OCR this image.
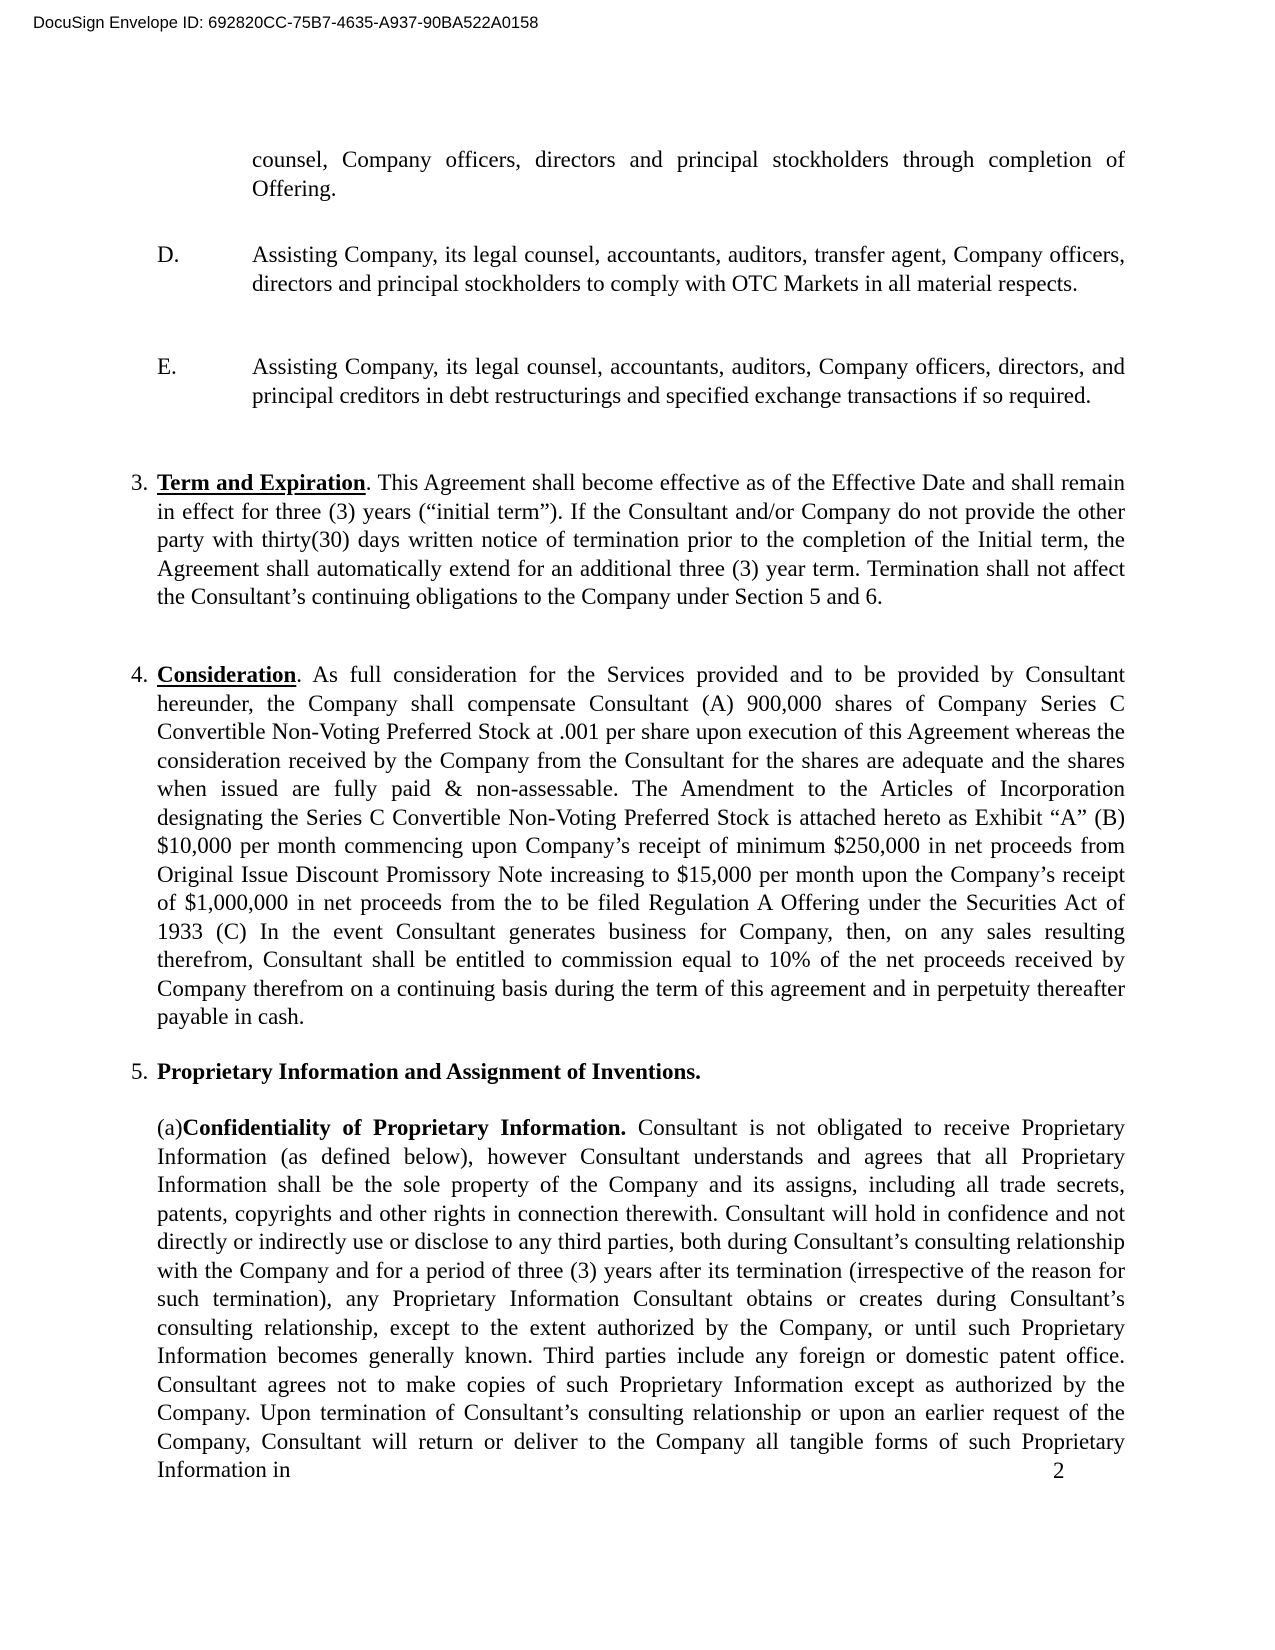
DocuSign Envelope ID: 692820CC-75B7-4635-A937-90BA522A0158
counsel, Company officers, directors and principal stockholders through completion of Offering.
D.	Assisting Company, its legal counsel, accountants, auditors, transfer agent, Company officers, directors and principal stockholders to comply with OTC Markets in all material respects.
E.	Assisting Company, its legal counsel, accountants, auditors, Company officers, directors, and principal creditors in debt restructurings and specified exchange transactions if so required.
3. Term and Expiration. This Agreement shall become effective as of the Effective Date and shall remain in effect for three (3) years (“initial term”). If the Consultant and/or Company do not provide the other party with thirty(30) days written notice of termination prior to the completion of the Initial term, the Agreement shall automatically extend for an additional three (3) year term. Termination shall not affect the Consultant’s continuing obligations to the Company under Section 5 and 6.
4. Consideration. As full consideration for the Services provided and to be provided by Consultant hereunder, the Company shall compensate Consultant (A) 900,000 shares of Company Series C Convertible Non-Voting Preferred Stock at .001 per share upon execution of this Agreement whereas the consideration received by the Company from the Consultant for the shares are adequate and the shares when issued are fully paid & non-assessable. The Amendment to the Articles of Incorporation designating the Series C Convertible Non-Voting Preferred Stock is attached hereto as Exhibit “A” (B) $10,000 per month commencing upon Company’s receipt of minimum $250,000 in net proceeds from Original Issue Discount Promissory Note increasing to $15,000 per month upon the Company’s receipt of $1,000,000 in net proceeds from the to be filed Regulation A Offering under the Securities Act of 1933 (C) In the event Consultant generates business for Company, then, on any sales resulting therefrom, Consultant shall be entitled to commission equal to 10% of the net proceeds received by Company therefrom on a continuing basis during the term of this agreement and in perpetuity thereafter payable in cash.
5. Proprietary Information and Assignment of Inventions.
(a)Confidentiality of Proprietary Information. Consultant is not obligated to receive Proprietary Information (as defined below), however Consultant understands and agrees that all Proprietary Information shall be the sole property of the Company and its assigns, including all trade secrets, patents, copyrights and other rights in connection therewith. Consultant will hold in confidence and not directly or indirectly use or disclose to any third parties, both during Consultant’s consulting relationship with the Company and for a period of three (3) years after its termination (irrespective of the reason for such termination), any Proprietary Information Consultant obtains or creates during Consultant’s consulting relationship, except to the extent authorized by the Company, or until such Proprietary Information becomes generally known. Third parties include any foreign or domestic patent office. Consultant agrees not to make copies of such Proprietary Information except as authorized by the Company. Upon termination of Consultant’s consulting relationship or upon an earlier request of the Company, Consultant will return or deliver to the Company all tangible forms of such Proprietary Information in	2
